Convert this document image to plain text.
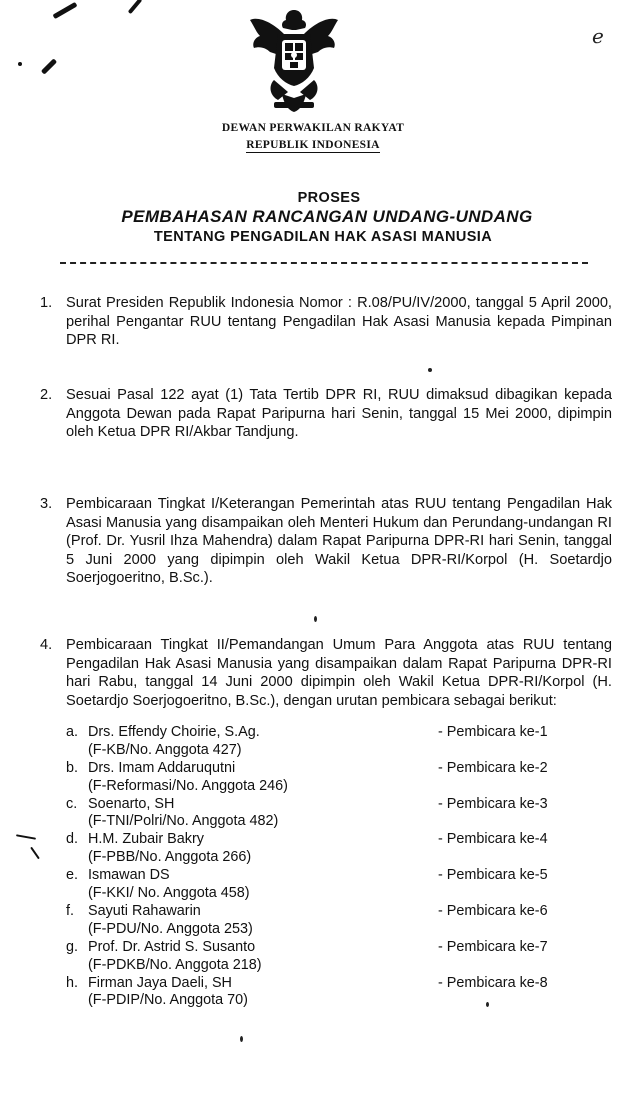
e
DEWAN PERWAKILAN RAKYAT
REPUBLIK INDONESIA
PROSES
PEMBAHASAN RANCANGAN UNDANG-UNDANG
TENTANG PENGADILAN HAK ASASI MANUSIA
1. Surat Presiden Republik Indonesia Nomor : R.08/PU/IV/2000, tanggal 5 April 2000, perihal Pengantar RUU tentang Pengadilan Hak Asasi Manusia kepada Pimpinan DPR RI.
2. Sesuai Pasal 122 ayat (1) Tata Tertib DPR RI, RUU dimaksud dibagikan kepada Anggota Dewan pada Rapat Paripurna hari Senin, tanggal 15 Mei 2000, dipimpin oleh Ketua DPR RI/Akbar Tandjung.
3. Pembicaraan Tingkat I/Keterangan Pemerintah atas RUU tentang Pengadilan Hak Asasi Manusia yang disampaikan oleh Menteri Hukum dan Perundang-undangan RI (Prof. Dr. Yusril Ihza Mahendra) dalam Rapat Paripurna DPR-RI hari Senin, tanggal 5 Juni 2000 yang dipimpin oleh Wakil Ketua DPR-RI/Korpol (H. Soetardjo Soerjogoeritno, B.Sc.).
4. Pembicaraan Tingkat II/Pemandangan Umum Para Anggota atas RUU tentang Pengadilan Hak Asasi Manusia yang disampaikan dalam Rapat Paripurna DPR-RI hari Rabu, tanggal 14 Juni 2000 dipimpin oleh Wakil Ketua DPR-RI/Korpol (H. Soetardjo Soerjogoeritno, B.Sc.), dengan urutan pembicara sebagai berikut:
a. Drs. Effendy Choirie, S.Ag.
(F-KB/No. Anggota 427)
- Pembicara ke-1
b. Drs. Imam Addaruqutni
(F-Reformasi/No. Anggota 246)
- Pembicara ke-2
c. Soenarto, SH
(F-TNI/Polri/No. Anggota 482)
- Pembicara ke-3
d. H.M. Zubair Bakry
(F-PBB/No. Anggota 266)
- Pembicara ke-4
e. Ismawan DS
(F-KKI/ No. Anggota 458)
- Pembicara ke-5
f. Sayuti Rahawarin
(F-PDU/No. Anggota 253)
- Pembicara ke-6
g. Prof. Dr. Astrid S. Susanto
(F-PDKB/No. Anggota 218)
- Pembicara ke-7
h. Firman Jaya Daeli, SH
(F-PDIP/No. Anggota 70)
- Pembicara ke-8
